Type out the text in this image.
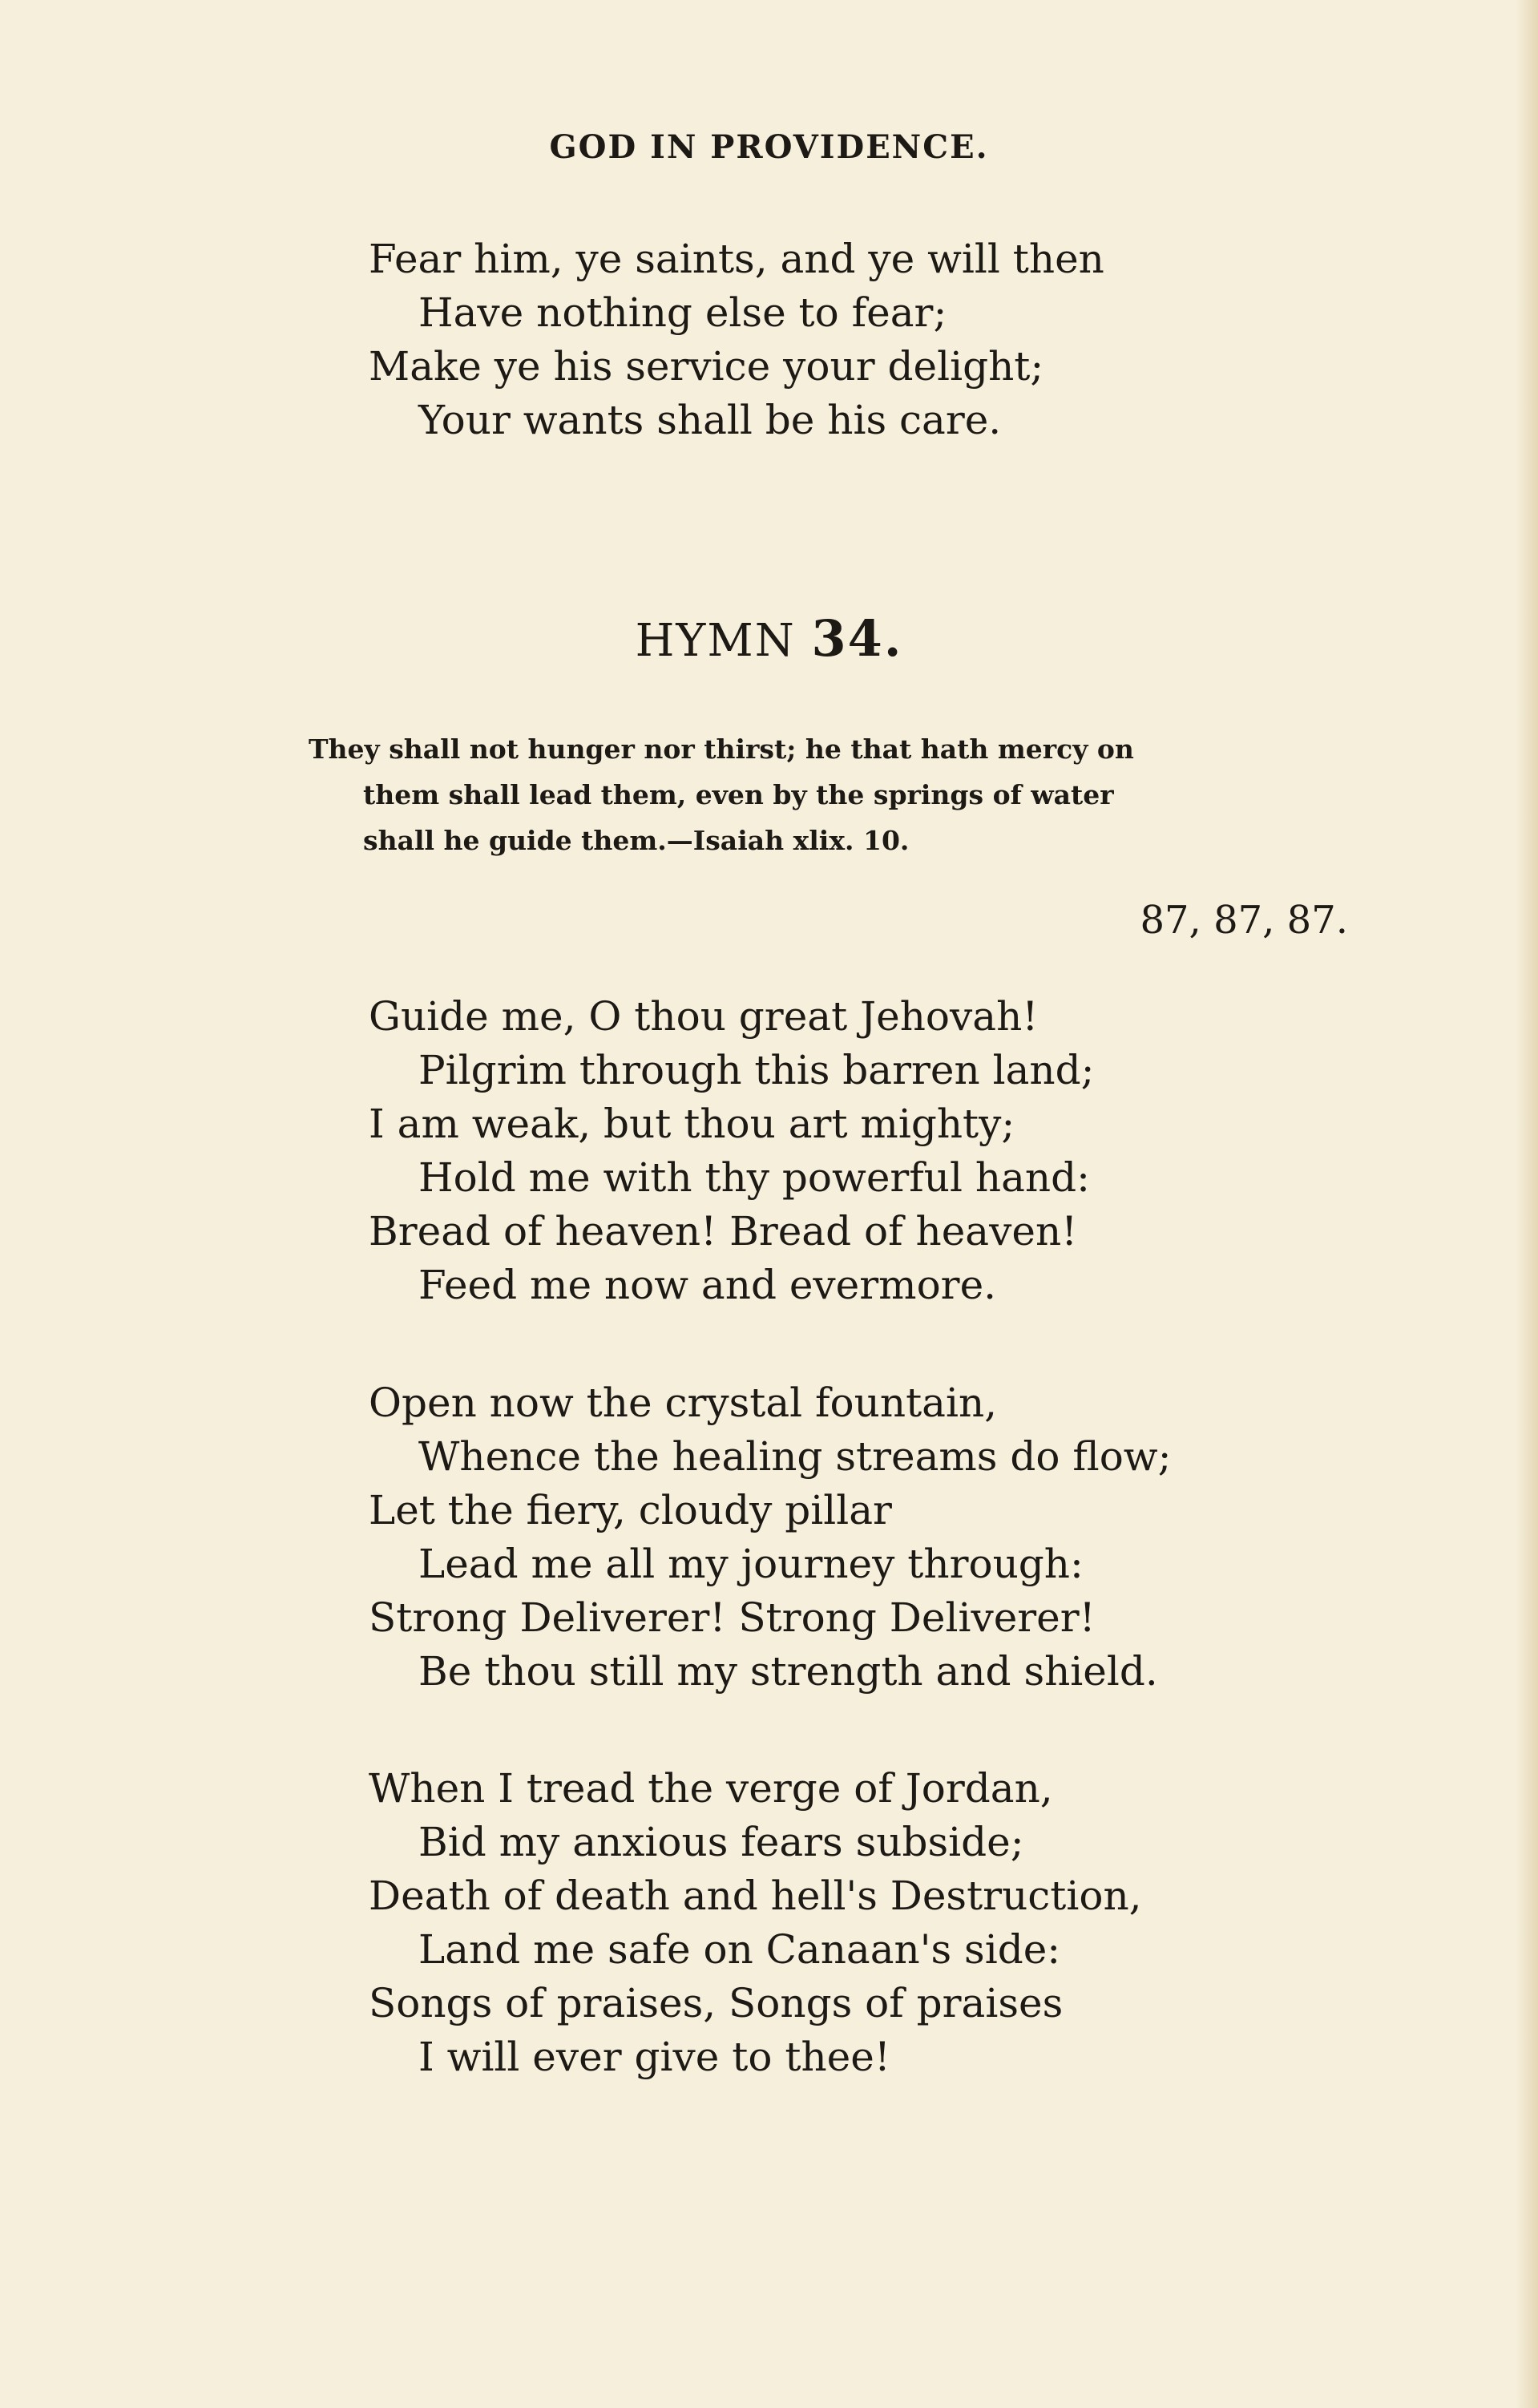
GOD IN PROVIDENCE.
Fear him, ye saints, and ye will then
Have nothing else to fear;
Make ye his service your delight;
Your wants shall be his care.
HYMN 34.
They shall not hunger nor thirst; he that hath mercy on
them shall lead them, even by the springs of water
shall he guide them.—Isaiah xlix. 10.
87, 87, 87.
Guide me, O thou great Jehovah!
Pilgrim through this barren land;
I am weak, but thou art mighty;
Hold me with thy powerful hand:
Bread of heaven! Bread of heaven!
Feed me now and evermore.
Open now the crystal fountain,
Whence the healing streams do flow;
Let the fiery, cloudy pillar
Lead me all my journey through:
Strong Deliverer! Strong Deliverer!
Be thou still my strength and shield.
When I tread the verge of Jordan,
Bid my anxious fears subside;
Death of death and hell's Destruction,
Land me safe on Canaan's side:
Songs of praises, Songs of praises
I will ever give to thee!
